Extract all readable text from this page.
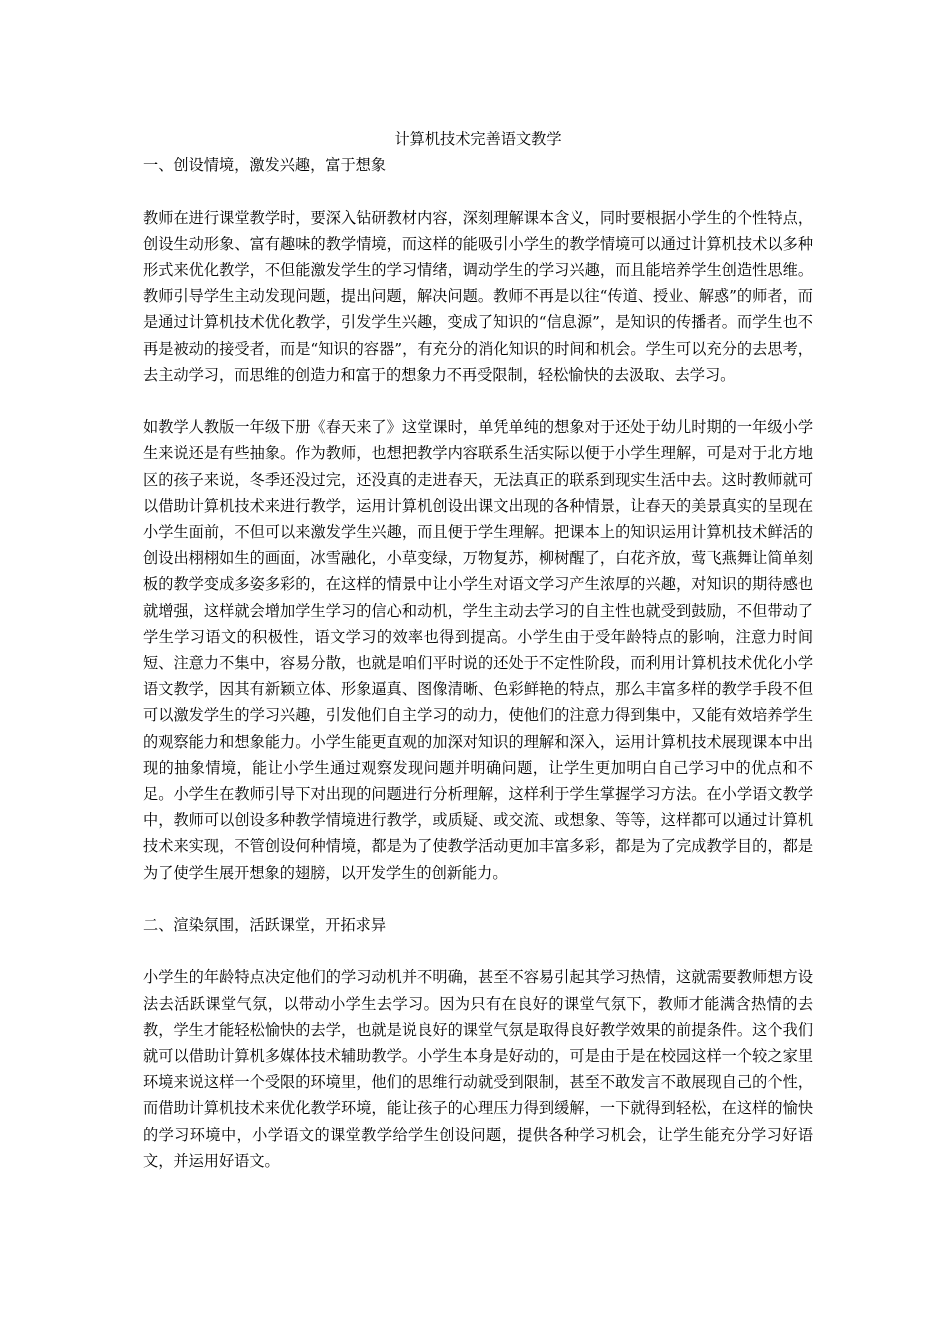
计算机技术完善语文教学

一、创设情境，激发兴趣，富于想象

教师在进行课堂教学时，要深入钻研教材内容，深刻理解课本含义，同时要根据小学生的个性特点，创设生动形象、富有趣味的教学情境，而这样的能吸引小学生的教学情境可以通过计算机技术以多种形式来优化教学，不但能激发学生的学习情绪，调动学生的学习兴趣，而且能培养学生创造性思维。教师引导学生主动发现问题，提出问题，解决问题。教师不再是以往“传道、授业、解惑”的师者，而是通过计算机技术优化教学，引发学生兴趣，变成了知识的“信息源”，是知识的传播者。而学生也不再是被动的接受者，而是“知识的容器”，有充分的消化知识的时间和机会。学生可以充分的去思考，去主动学习，而思维的创造力和富于的想象力不再受限制，轻松愉快的去汲取、去学习。

如教学人教版一年级下册《春天来了》这堂课时，单凭单纯的想象对于还处于幼儿时期的一年级小学生来说还是有些抽象。作为教师，也想把教学内容联系生活实际以便于小学生理解，可是对于北方地区的孩子来说，冬季还没过完，还没真的走进春天，无法真正的联系到现实生活中去。这时教师就可以借助计算机技术来进行教学，运用计算机创设出课文出现的各种情景，让春天的美景真实的呈现在小学生面前，不但可以来激发学生兴趣，而且便于学生理解。把课本上的知识运用计算机技术鲜活的创设出栩栩如生的画面，冰雪融化，小草变绿，万物复苏，柳树醒了，白花齐放，莺飞燕舞让简单刻板的教学变成多姿多彩的，在这样的情景中让小学生对语文学习产生浓厚的兴趣，对知识的期待感也就增强，这样就会增加学生学习的信心和动机，学生主动去学习的自主性也就受到鼓励，不但带动了学生学习语文的积极性，语文学习的效率也得到提高。小学生由于受年龄特点的影响，注意力时间短、注意力不集中，容易分散，也就是咱们平时说的还处于不定性阶段，而利用计算机技术优化小学语文教学，因其有新颖立体、形象逼真、图像清晰、色彩鲜艳的特点，那么丰富多样的教学手段不但可以激发学生的学习兴趣，引发他们自主学习的动力，使他们的注意力得到集中，又能有效培养学生的观察能力和想象能力。小学生能更直观的加深对知识的理解和深入，运用计算机技术展现课本中出现的抽象情境，能让小学生通过观察发现问题并明确问题，让学生更加明白自己学习中的优点和不足。小学生在教师引导下对出现的问题进行分析理解，这样利于学生掌握学习方法。在小学语文教学中，教师可以创设多种教学情境进行教学，或质疑、或交流、或想象、等等，这样都可以通过计算机技术来实现，不管创设何种情境，都是为了使教学活动更加丰富多彩，都是为了完成教学目的，都是为了使学生展开想象的翅膀，以开发学生的创新能力。

二、渲染氛围，活跃课堂，开拓求异

小学生的年龄特点决定他们的学习动机并不明确，甚至不容易引起其学习热情，这就需要教师想方设法去活跃课堂气氛，以带动小学生去学习。因为只有在良好的课堂气氛下，教师才能满含热情的去教，学生才能轻松愉快的去学，也就是说良好的课堂气氛是取得良好教学效果的前提条件。这个我们就可以借助计算机多媒体技术辅助教学。小学生本身是好动的，可是由于是在校园这样一个较之家里环境来说这样一个受限的环境里，他们的思维行动就受到限制，甚至不敢发言不敢展现自己的个性，而借助计算机技术来优化教学环境，能让孩子的心理压力得到缓解，一下就得到轻松，在这样的愉快的学习环境中，小学语文的课堂教学给学生创设问题，提供各种学习机会，让学生能充分学习好语文，并运用好语文。
